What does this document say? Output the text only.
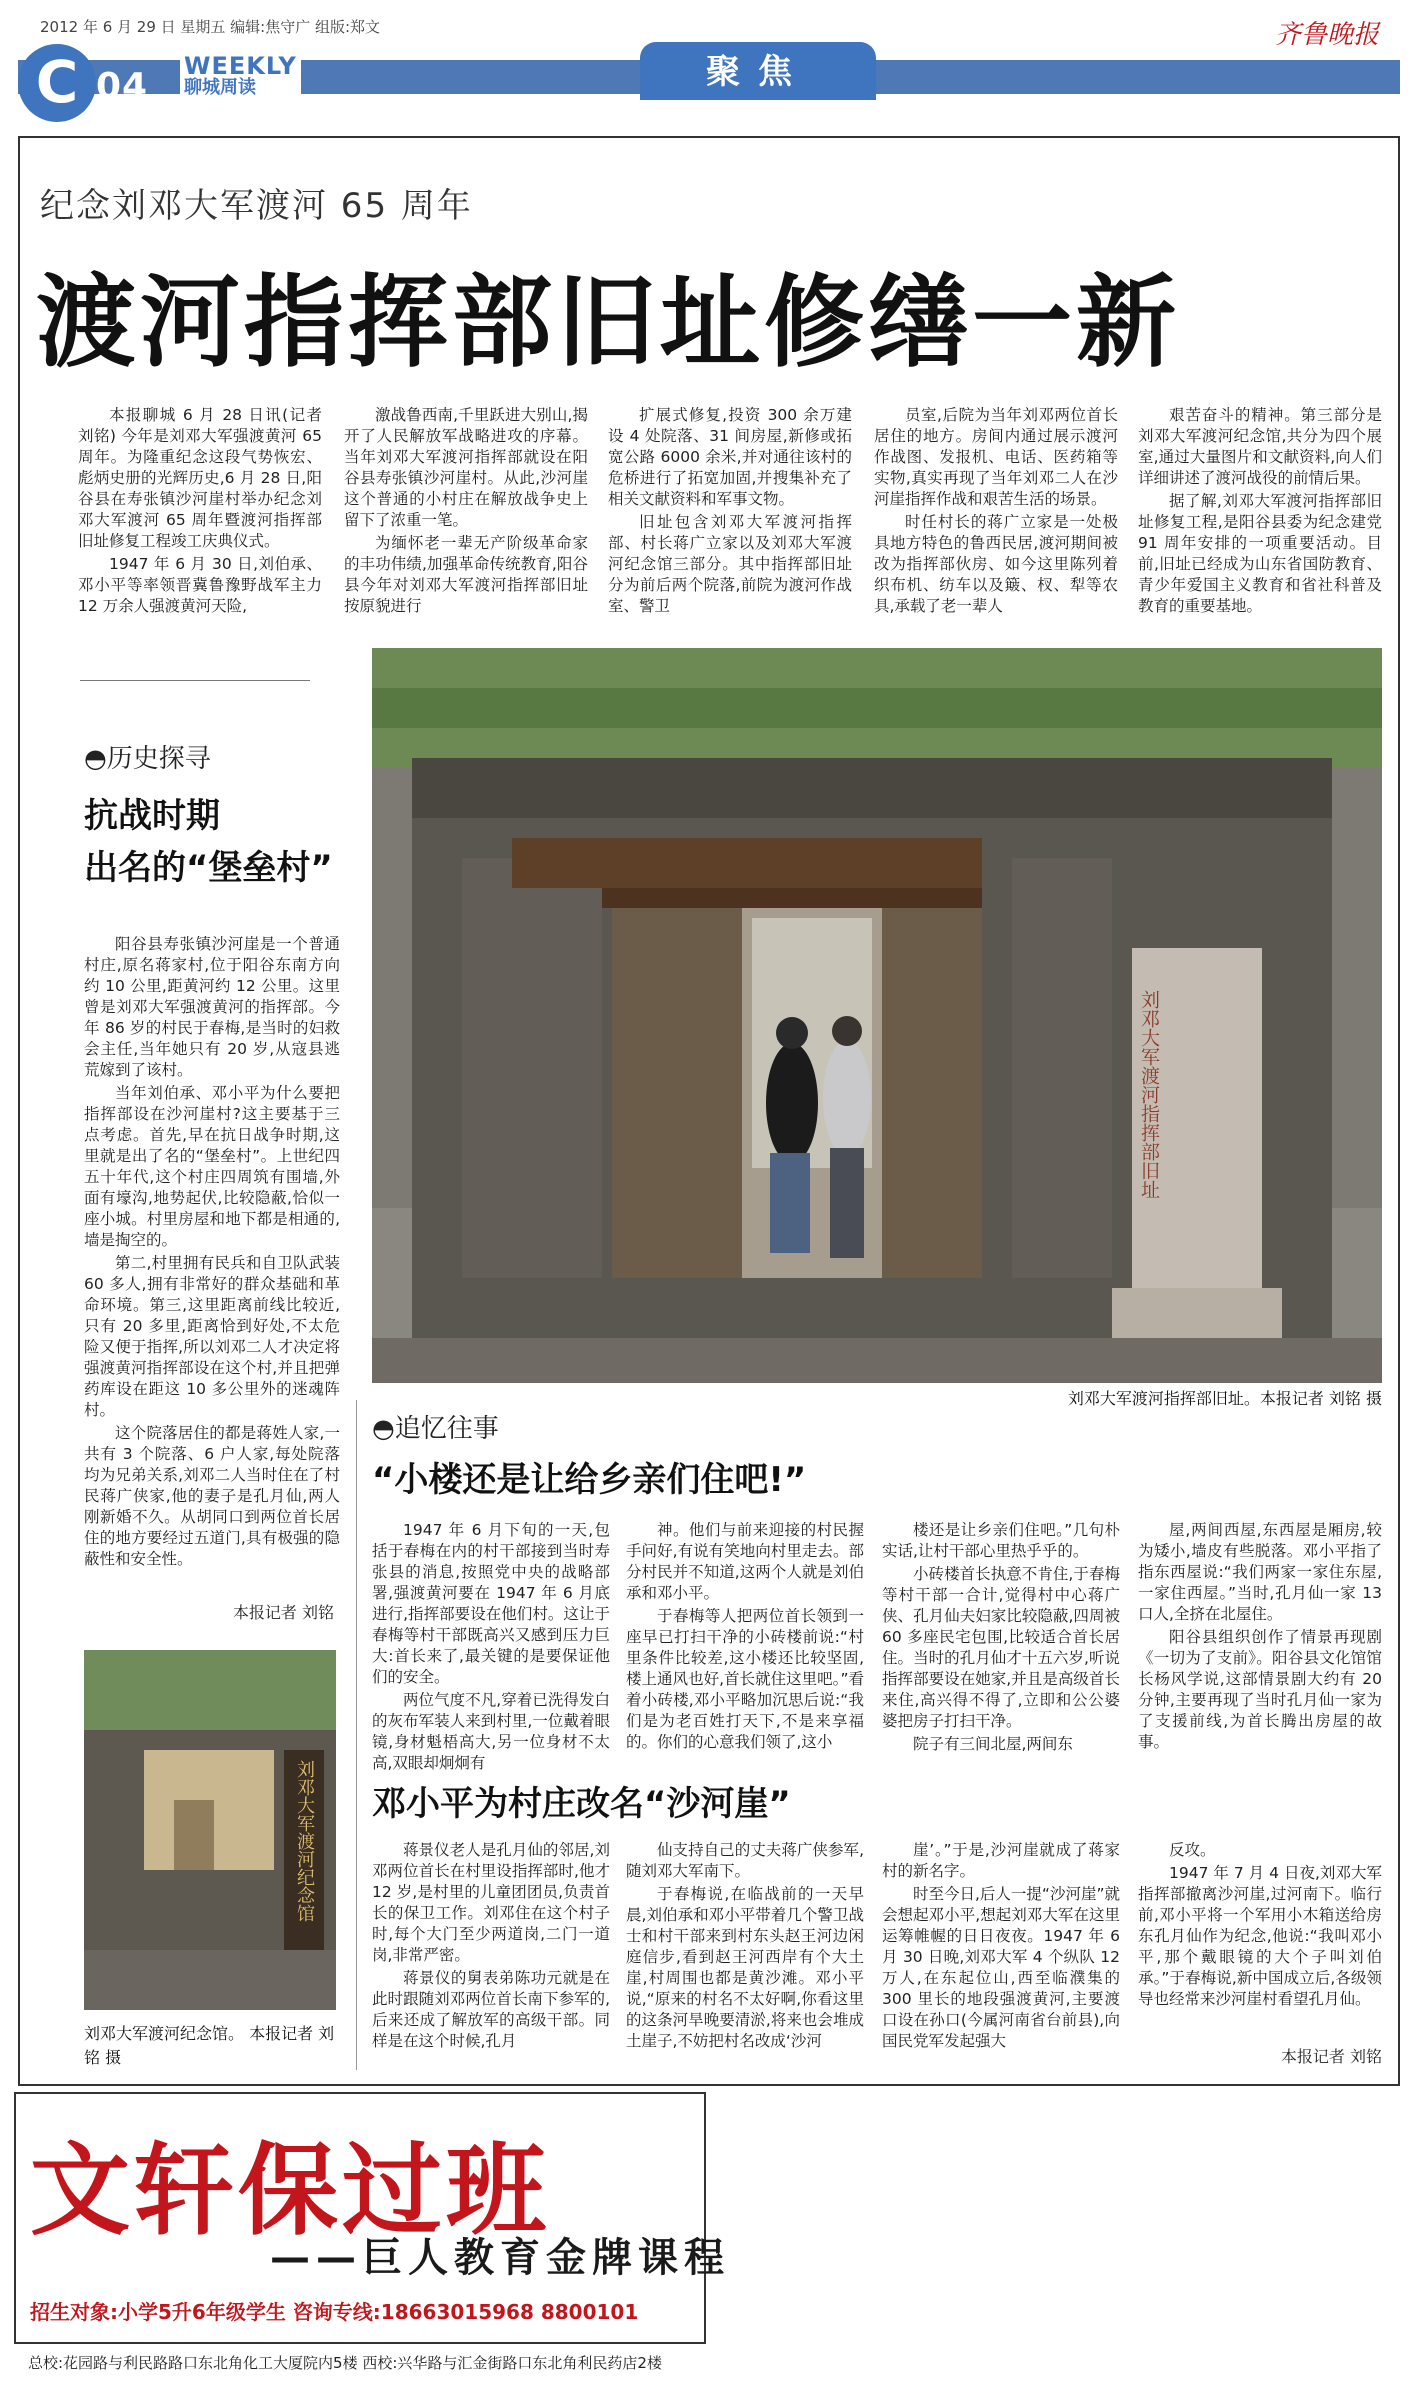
2012 年 6 月 29 日 星期五 编辑:焦守广 组版:郑文	齐鲁晚报
C 04 WEEKLY
聊城周读	聚焦
纪念刘邓大军渡河 65 周年
渡河指挥部旧址修缮一新

本报聊城 6 月 28 日讯(记者 刘铭) 今年是刘邓大军强渡黄河 65 周年。为隆重纪念这段气势恢宏、彪炳史册的光辉历史,6 月 28 日,阳谷县在寿张镇沙河崖村举办纪念刘邓大军渡河 65 周年暨渡河指挥部旧址修复工程竣工庆典仪式。

1947 年 6 月 30 日,刘伯承、邓小平等率领晋冀鲁豫野战军主力 12 万余人强渡黄河天险,

激战鲁西南,千里跃进大别山,揭开了人民解放军战略进攻的序幕。当年刘邓大军渡河指挥部就设在阳谷县寿张镇沙河崖村。从此,沙河崖这个普通的小村庄在解放战争史上留下了浓重一笔。

为缅怀老一辈无产阶级革命家的丰功伟绩,加强革命传统教育,阳谷县今年对刘邓大军渡河指挥部旧址按原貌进行

扩展式修复,投资 300 余万建设 4 处院落、31 间房屋,新修或拓宽公路 6000 余米,并对通往该村的危桥进行了拓宽加固,并搜集补充了相关文献资料和军事文物。

旧址包含刘邓大军渡河指挥部、村长蒋广立家以及刘邓大军渡河纪念馆三部分。其中指挥部旧址分为前后两个院落,前院为渡河作战室、警卫

员室,后院为当年刘邓两位首长居住的地方。房间内通过展示渡河作战图、发报机、电话、医药箱等实物,真实再现了当年刘邓二人在沙河崖指挥作战和艰苦生活的场景。

时任村长的蒋广立家是一处极具地方特色的鲁西民居,渡河期间被改为指挥部伙房、如今这里陈列着织布机、纺车以及簸、杈、犁等农具,承载了老一辈人

艰苦奋斗的精神。第三部分是刘邓大军渡河纪念馆,共分为四个展室,通过大量图片和文献资料,向人们详细讲述了渡河战役的前情后果。

据了解,刘邓大军渡河指挥部旧址修复工程,是阳谷县委为纪念建党 91 周年安排的一项重要活动。目前,旧址已经成为山东省国防教育、青少年爱国主义教育和省社科普及教育的重要基地。

刘邓大军渡河指挥部旧址
刘邓大军渡河指挥部旧址。本报记者 刘铭 摄
◓历史探寻
抗战时期
出名的“堡垒村”

阳谷县寿张镇沙河崖是一个普通村庄,原名蒋家村,位于阳谷东南方向约 10 公里,距黄河约 12 公里。这里曾是刘邓大军强渡黄河的指挥部。今年 86 岁的村民于春梅,是当时的妇救会主任,当年她只有 20 岁,从寇县逃荒嫁到了该村。

当年刘伯承、邓小平为什么要把指挥部设在沙河崖村?这主要基于三点考虑。首先,早在抗日战争时期,这里就是出了名的“堡垒村”。上世纪四五十年代,这个村庄四周筑有围墙,外面有壕沟,地势起伏,比较隐蔽,恰似一座小城。村里房屋和地下都是相通的,墙是掏空的。

第二,村里拥有民兵和自卫队武装 60 多人,拥有非常好的群众基础和革命环境。第三,这里距离前线比较近,只有 20 多里,距离恰到好处,不太危险又便于指挥,所以刘邓二人才决定将强渡黄河指挥部设在这个村,并且把弹药库设在距这 10 多公里外的迷魂阵村。

这个院落居住的都是蒋姓人家,一共有 3 个院落、6 户人家,每处院落均为兄弟关系,刘邓二人当时住在了村民蒋广侠家,他的妻子是孔月仙,两人刚新婚不久。从胡同口到两位首长居住的地方要经过五道门,具有极强的隐蔽性和安全性。

本报记者 刘铭
刘邓大军渡河纪念馆
刘邓大军渡河纪念馆。 本报记者 刘铭 摄
◓追忆往事
“小楼还是让给乡亲们住吧!”

1947 年 6 月下旬的一天,包括于春梅在内的村干部接到当时寿张县的消息,按照党中央的战略部署,强渡黄河要在 1947 年 6 月底进行,指挥部要设在他们村。这让于春梅等村干部既高兴又感到压力巨大:首长来了,最关键的是要保证他们的安全。

两位气度不凡,穿着已洗得发白的灰布军装人来到村里,一位戴着眼镜,身材魁梧高大,另一位身材不太高,双眼却炯炯有

神。他们与前来迎接的村民握手问好,有说有笑地向村里走去。部分村民并不知道,这两个人就是刘伯承和邓小平。

于春梅等人把两位首长领到一座早已打扫干净的小砖楼前说:“村里条件比较差,这小楼还比较坚固,楼上通风也好,首长就住这里吧。”看着小砖楼,邓小平略加沉思后说:“我们是为老百姓打天下,不是来享福的。你们的心意我们领了,这小

楼还是让乡亲们住吧。”几句朴实话,让村干部心里热乎乎的。

小砖楼首长执意不肯住,于春梅等村干部一合计,觉得村中心蒋广侠、孔月仙夫妇家比较隐蔽,四周被 60 多座民宅包围,比较适合首长居住。当时的孔月仙才十五六岁,听说指挥部要设在她家,并且是高级首长来住,高兴得不得了,立即和公公婆婆把房子打扫干净。

院子有三间北屋,两间东

屋,两间西屋,东西屋是厢房,较为矮小,墙皮有些脱落。邓小平指了指东西屋说:“我们两家一家住东屋,一家住西屋。”当时,孔月仙一家 13 口人,全挤在北屋住。

阳谷县组织创作了情景再现剧《一切为了支前》。阳谷县文化馆馆长杨风学说,这部情景剧大约有 20 分钟,主要再现了当时孔月仙一家为了支援前线,为首长腾出房屋的故事。

邓小平为村庄改名“沙河崖”

蒋景仪老人是孔月仙的邻居,刘邓两位首长在村里设指挥部时,他才 12 岁,是村里的儿童团团员,负责首长的保卫工作。刘邓住在这个村子时,每个大门至少两道岗,二门一道岗,非常严密。

蒋景仪的舅表弟陈功元就是在此时跟随刘邓两位首长南下参军的,后来还成了解放军的高级干部。同样是在这个时候,孔月

仙支持自己的丈夫蒋广侠参军,随刘邓大军南下。

于春梅说,在临战前的一天早晨,刘伯承和邓小平带着几个警卫战士和村干部来到村东头赵王河边闲庭信步,看到赵王河西岸有个大土崖,村周围也都是黄沙滩。邓小平说,“原来的村名不太好啊,你看这里的这条河旱晚要清淤,将来也会堆成土崖子,不妨把村名改成‘沙河

崖’。”于是,沙河崖就成了蒋家村的新名字。

时至今日,后人一提“沙河崖”就会想起邓小平,想起刘邓大军在这里运筹帷幄的日日夜夜。1947 年 6 月 30 日晚,刘邓大军 4 个纵队 12 万人,在东起位山,西至临濮集的 300 里长的地段强渡黄河,主要渡口设在孙口(今属河南省台前县),向国民党军发起强大

反攻。

1947 年 7 月 4 日夜,刘邓大军指挥部撤离沙河崖,过河南下。临行前,邓小平将一个军用小木箱送给房东孔月仙作为纪念,他说:“我叫邓小平,那个戴眼镜的大个子叫刘伯承。”于春梅说,新中国成立后,各级领导也经常来沙河崖村看望孔月仙。

本报记者 刘铭
文轩保过班
——巨人教育金牌课程
招生对象:小学5升6年级学生 咨询专线:18663015968 8800101
总校:花园路与利民路路口东北角化工大厦院内5楼 西校:兴华路与汇金街路口东北角利民药店2楼
